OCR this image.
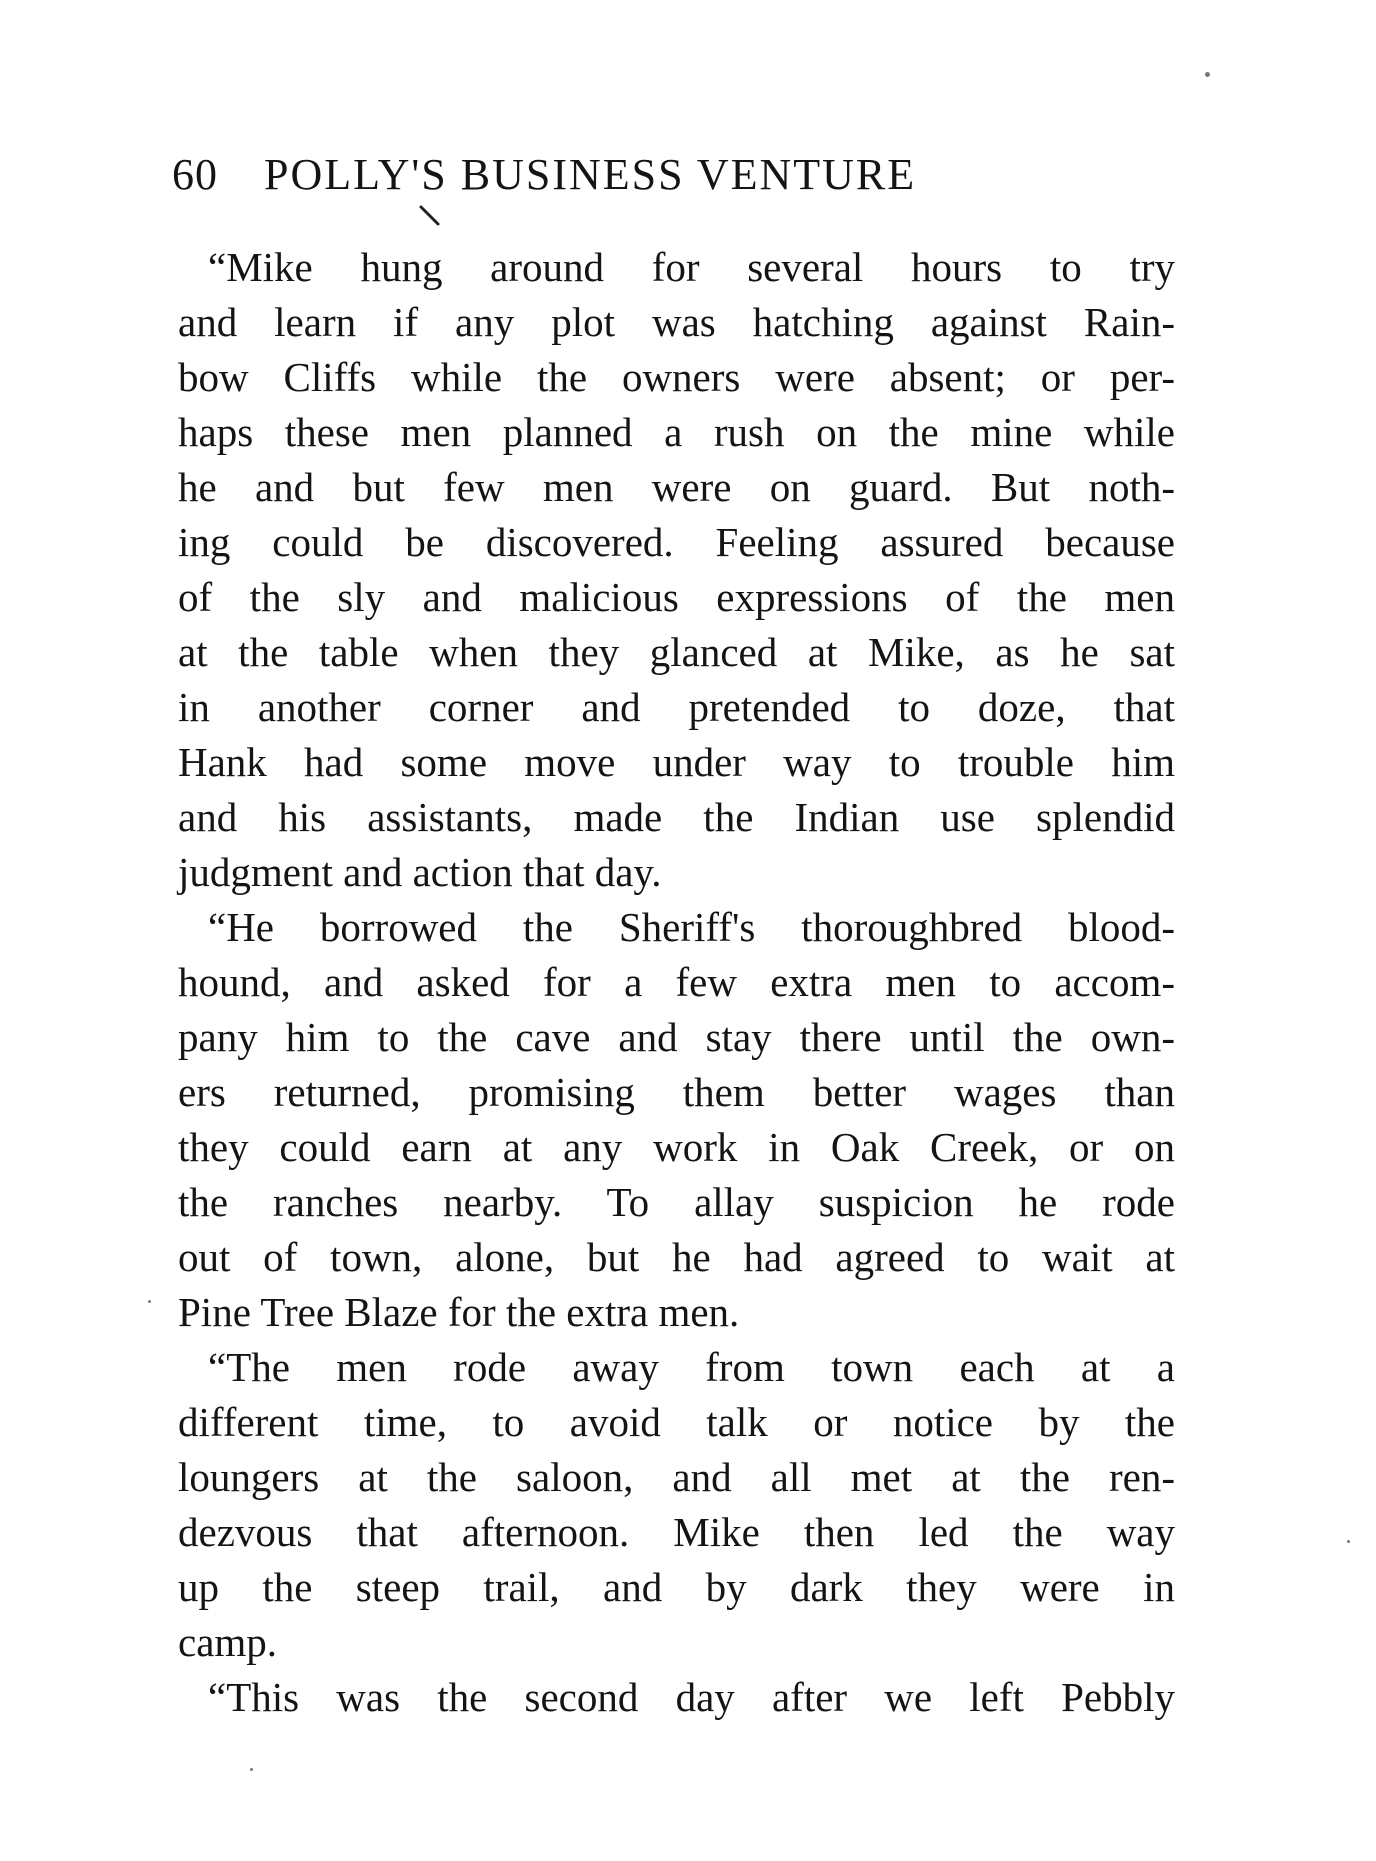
60 POLLY'S BUSINESS VENTURE
“Mike hung around for several hours to try
and learn if any plot was hatching against Rain-
bow Cliffs while the owners were absent; or per-
haps these men planned a rush on the mine while
he and but few men were on guard. But noth-
ing could be discovered. Feeling assured because
of the sly and malicious expressions of the men
at the table when they glanced at Mike, as he sat
in another corner and pretended to doze, that
Hank had some move under way to trouble him
and his assistants, made the Indian use splendid
judgment and action that day.
“He borrowed the Sheriff's thoroughbred blood-
hound, and asked for a few extra men to accom-
pany him to the cave and stay there until the own-
ers returned, promising them better wages than
they could earn at any work in Oak Creek, or on
the ranches nearby. To allay suspicion he rode
out of town, alone, but he had agreed to wait at
Pine Tree Blaze for the extra men.
“The men rode away from town each at a
different time, to avoid talk or notice by the
loungers at the saloon, and all met at the ren-
dezvous that afternoon. Mike then led the way
up the steep trail, and by dark they were in
camp.
“This was the second day after we left Pebbly
